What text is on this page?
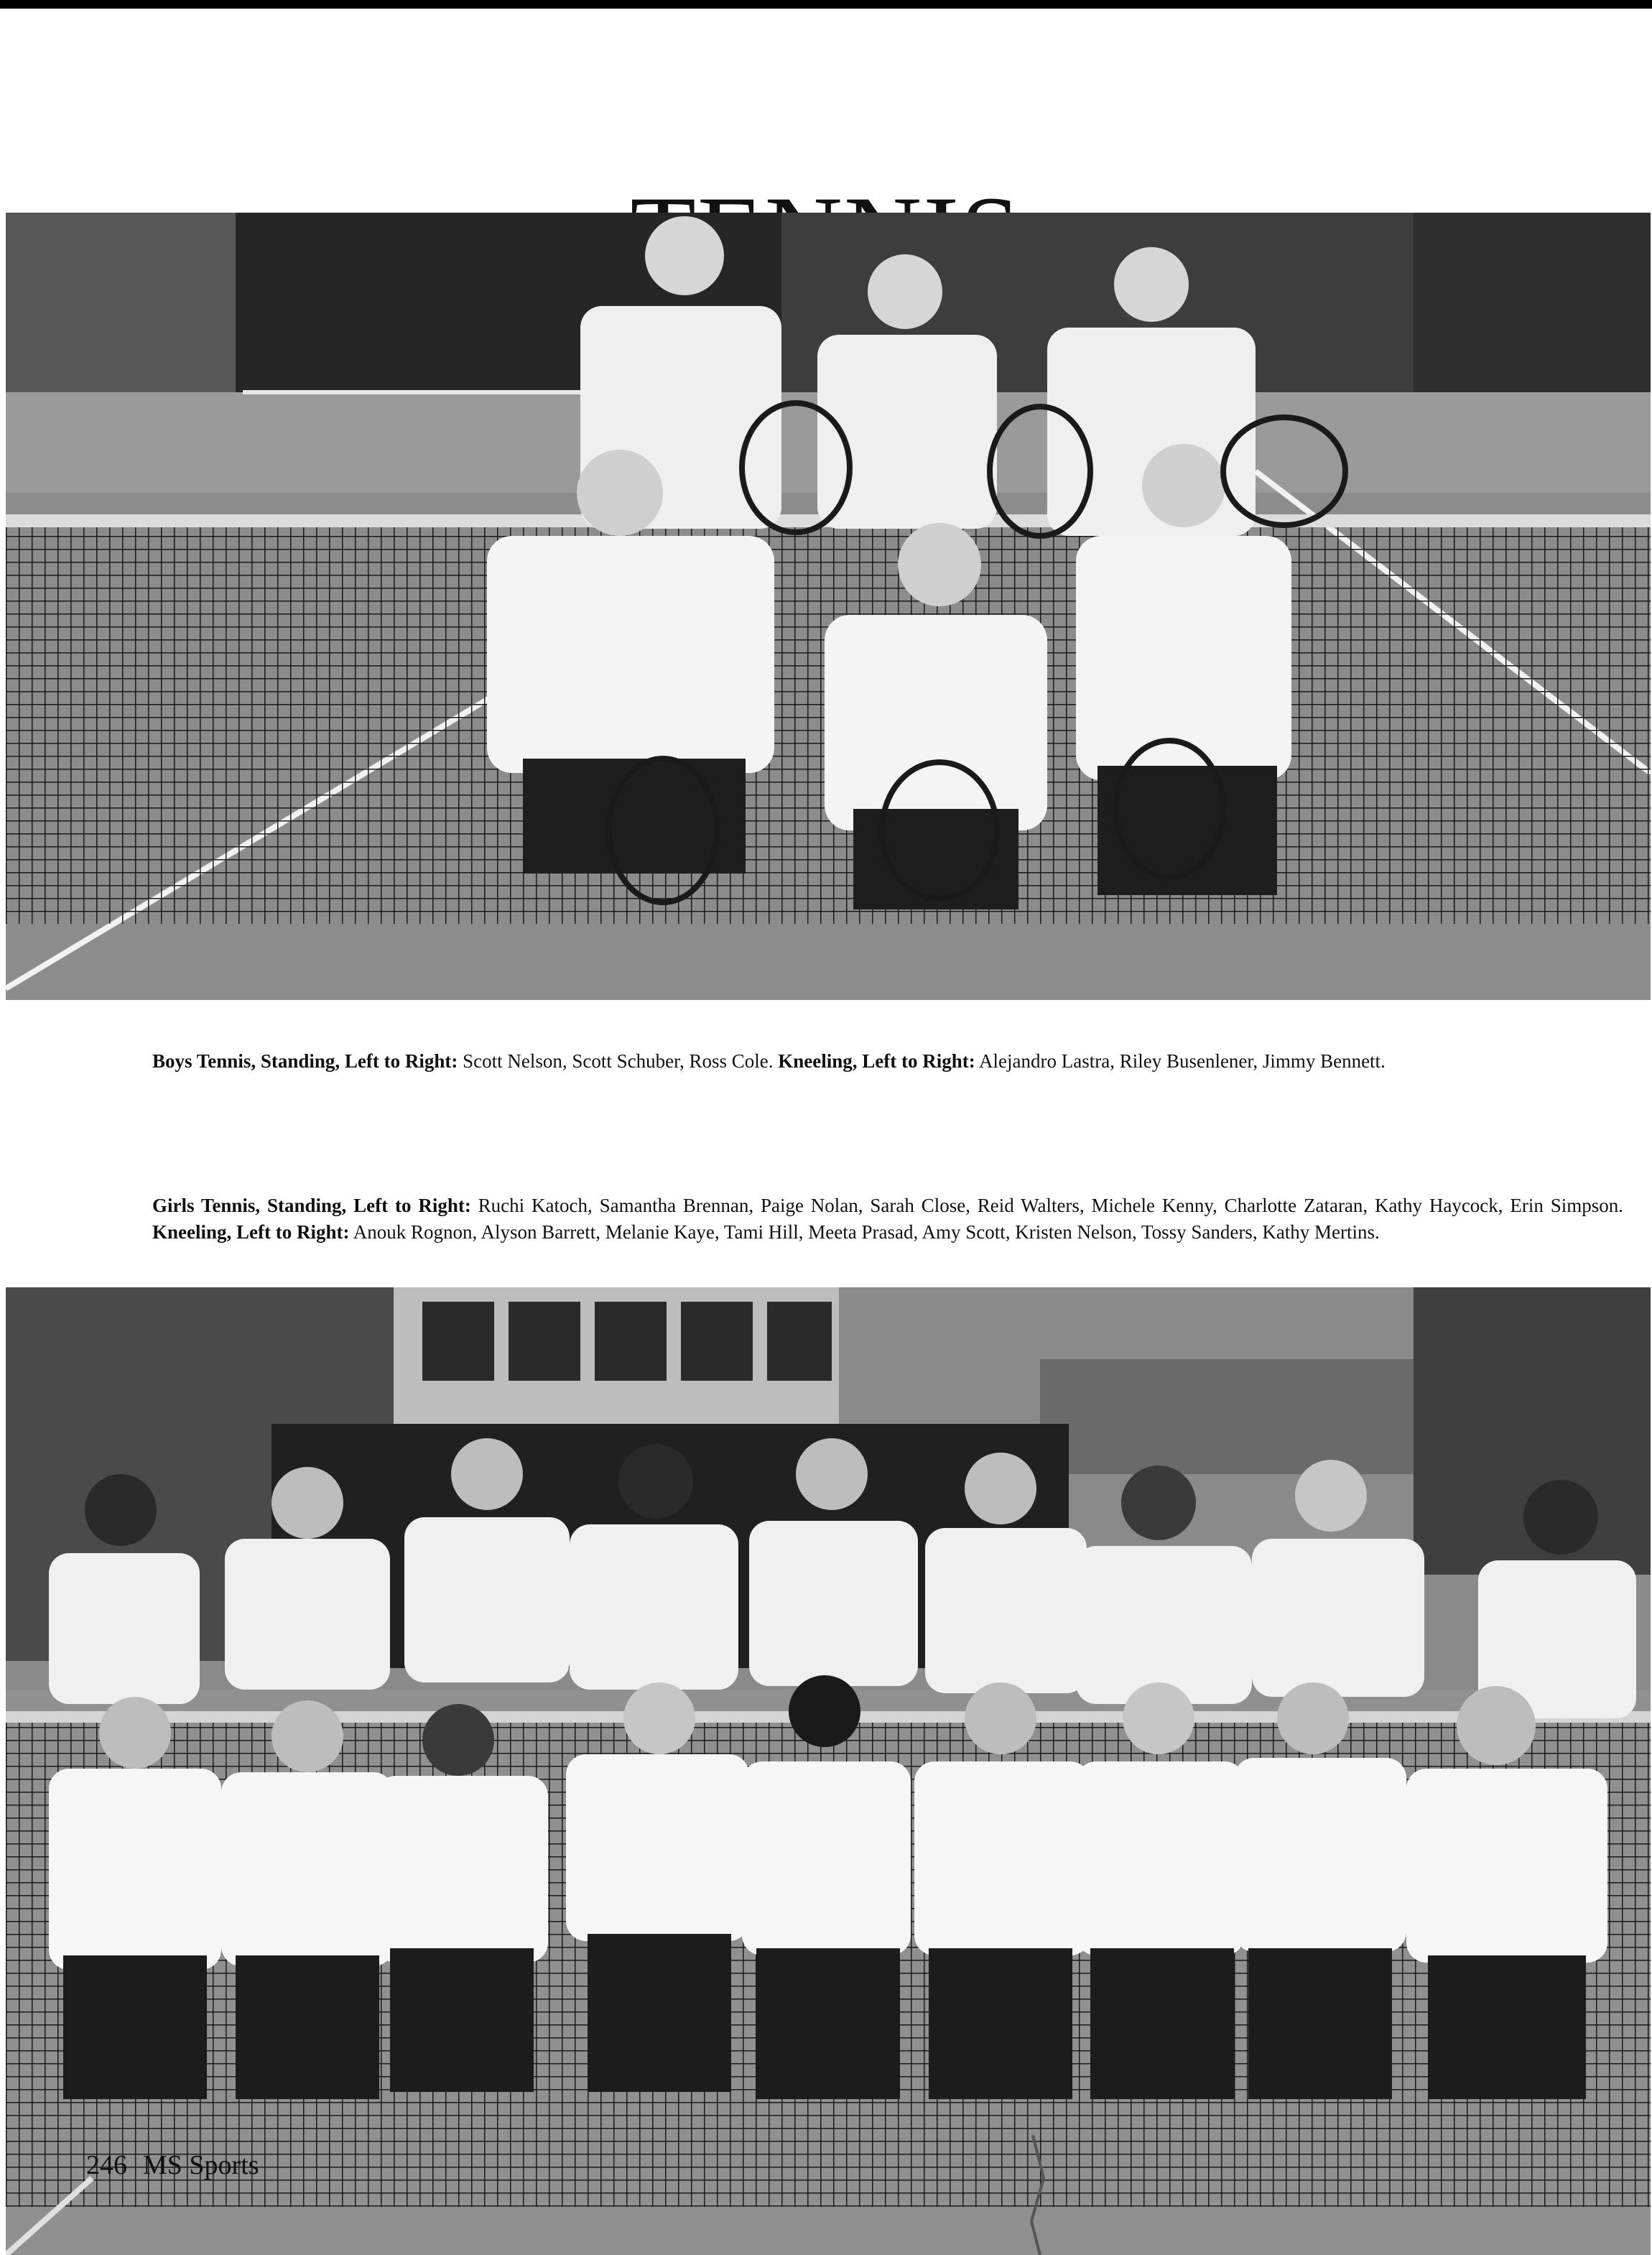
Boys Tennis, Standing, Left to Right: Scott Nelson, Scott Schuber, Ross Cole. Kneeling, Left to Right: Alejandro Lastra, Riley Busenlener, Jimmy Bennett.

Girls Tennis, Standing, Left to Right: Ruchi Katoch, Samantha Brennan, Paige Nolan, Sarah Close, Reid Walters, Michele Kenny, Charlotte Zataran, Kathy Haycock, Erin Simpson. Kneeling, Left to Right: Anouk Rognon, Alyson Barrett, Melanie Kaye, Tami Hill, Meeta Prasad, Amy Scott, Kristen Nelson, Tossy Sanders, Kathy Mertins.

246 MS Sports
